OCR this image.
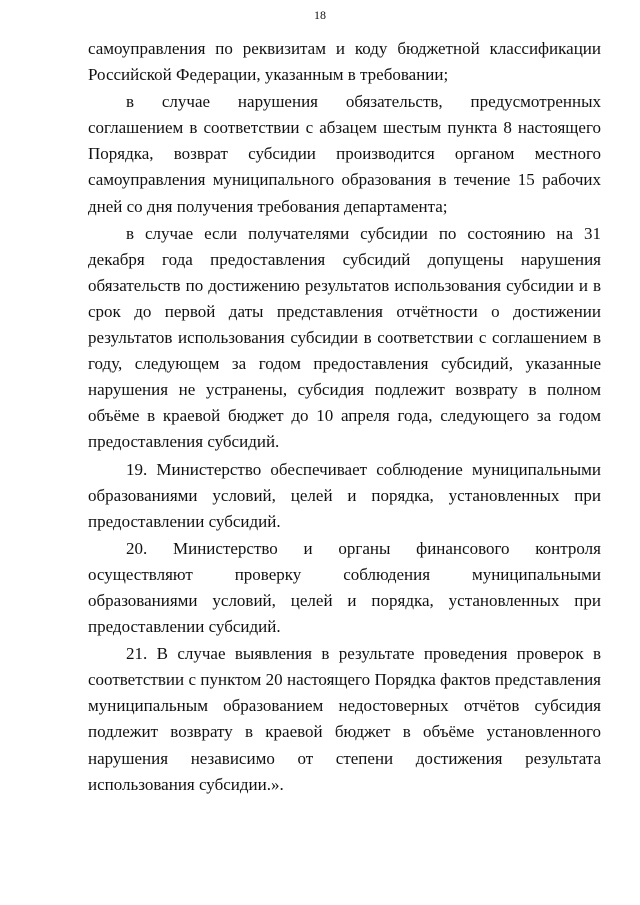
18

самоуправления по реквизитам и коду бюджетной классификации Российской Федерации, указанным в требовании;

в случае нарушения обязательств, предусмотренных соглашением в соответствии с абзацем шестым пункта 8 настоящего Порядка, возврат субсидии производится органом местного самоуправления муниципального образования в течение 15 рабочих дней со дня получения требования департамента;

в случае если получателями субсидии по состоянию на 31 декабря года предоставления субсидий допущены нарушения обязательств по достижению результатов использования субсидии и в срок до первой даты представления отчётности о достижении результатов использования субсидии в соответствии с соглашением в году, следующем за годом предоставления субсидий, указанные нарушения не устранены, субсидия подлежит возврату в полном объёме в краевой бюджет до 10 апреля года, следующего за годом предоставления субсидий.

19. Министерство обеспечивает соблюдение муниципальными образованиями условий, целей и порядка, установленных при предоставлении субсидий.

20. Министерство и органы финансового контроля осуществляют проверку соблюдения муниципальными образованиями условий, целей и порядка, установленных при предоставлении субсидий.

21. В случае выявления в результате проведения проверок в соответствии с пунктом 20 настоящего Порядка фактов представления муниципальным образованием недостоверных отчётов субсидия подлежит возврату в краевой бюджет в объёме установленного нарушения независимо от степени достижения результата использования субсидии.».
